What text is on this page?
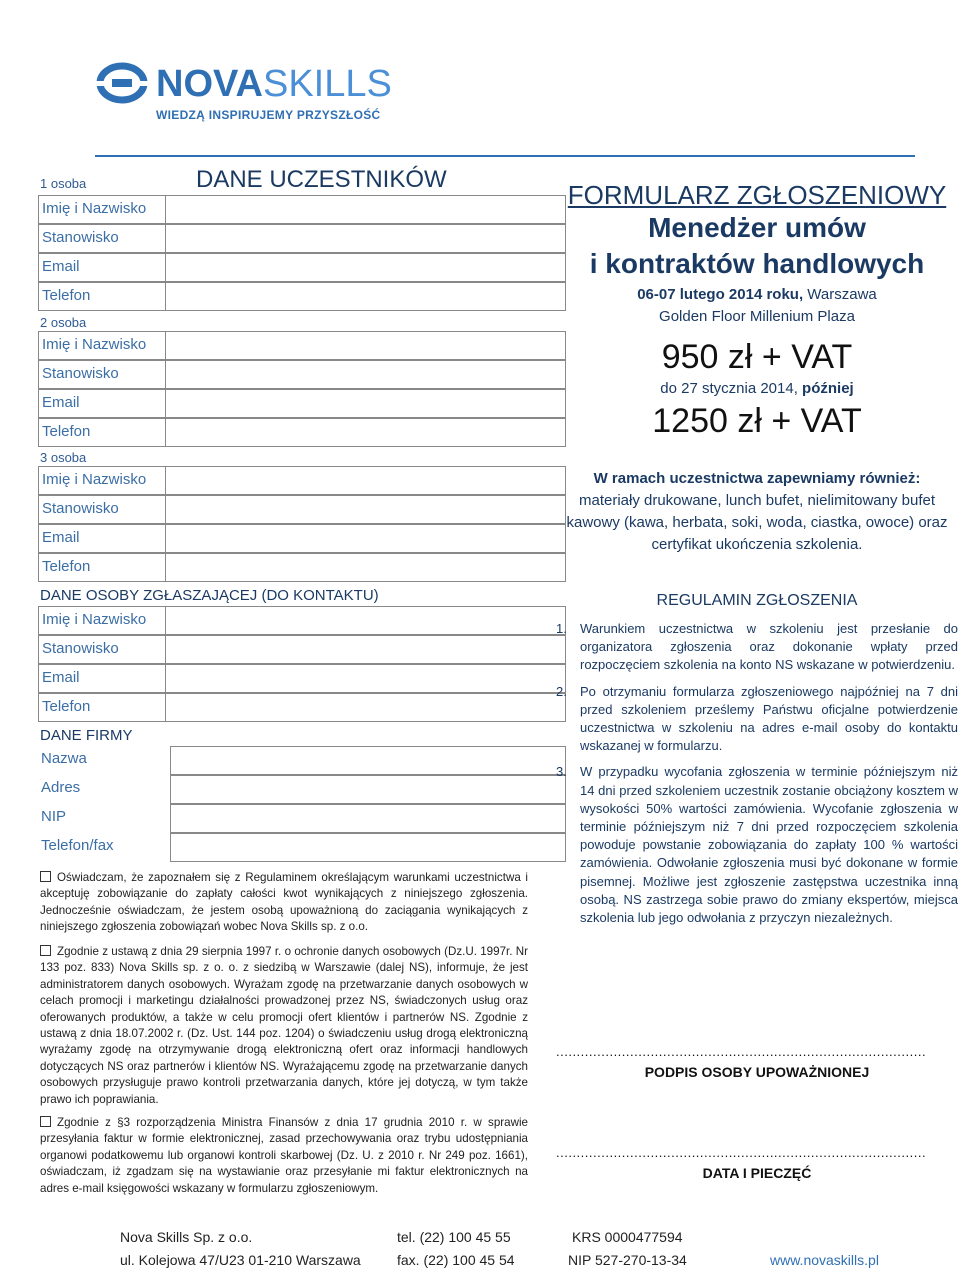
NOVASKILLS
WIEDZĄ INSPIRUJEMY PRZYSZŁOŚĆ
DANE UCZESTNIKÓW
1 osoba
Imię i Nazwisko
Stanowisko
Email
Telefon
2 osoba
Imię i Nazwisko
Stanowisko
Email
Telefon
3 osoba
Imię i Nazwisko
Stanowisko
Email
Telefon
DANE OSOBY ZGŁASZAJĄCEJ (DO KONTAKTU)
Imię i Nazwisko
Stanowisko
Email
Telefon
DANE FIRMY
Nazwa
Adres
NIP
Telefon/fax
Oświadczam, że zapoznałem się z Regulaminem określającym warunkami uczestnictwa i akceptuję zobowiązanie do zapłaty całości kwot wynikających z niniejszego zgłoszenia. Jednocześnie oświadczam, że jestem osobą upoważnioną do zaciągania wynikających z niniejszego zgłoszenia zobowiązań wobec Nova Skills sp. z o.o.
Zgodnie z ustawą z dnia 29 sierpnia 1997 r. o ochronie danych osobowych (Dz.U. 1997r. Nr 133 poz. 833) Nova Skills sp. z o. o. z siedzibą w Warszawie (dalej NS), informuje, że jest administratorem danych osobowych. Wyrażam zgodę na przetwarzanie danych osobowych w celach promocji i marketingu działalności prowadzonej przez NS, świadczonych usług oraz oferowanych produktów, a także w celu promocji ofert klientów i partnerów NS. Zgodnie z ustawą z dnia 18.07.2002 r. (Dz. Ust. 144 poz. 1204) o świadczeniu usług drogą elektroniczną wyrażamy zgodę na otrzymywanie drogą elektroniczną ofert oraz informacji handlowych dotyczących NS oraz partnerów i klientów NS. Wyrażającemu zgodę na przetwarzanie danych osobowych przysługuje prawo kontroli przetwarzania danych, które jej dotyczą, w tym także prawo ich poprawiania.
Zgodnie z §3 rozporządzenia Ministra Finansów z dnia 17 grudnia 2010 r. w sprawie przesyłania faktur w formie elektronicznej, zasad przechowywania oraz trybu udostępniania organowi podatkowemu lub organowi kontroli skarbowej (Dz. U. z 2010 r. Nr 249 poz. 1661), oświadczam, iż zgadzam się na wystawianie oraz przesyłanie mi faktur elektronicznych na adres e-mail księgowości wskazany w formularzu zgłoszeniowym.
FORMULARZ ZGŁOSZENIOWY
Menedżer umów
i kontraktów handlowych
06-07 lutego 2014 roku, Warszawa
Golden Floor Millenium Plaza
950 zł + VAT
do 27 stycznia 2014, później
1250 zł + VAT
W ramach uczestnictwa zapewniamy również:
materiały drukowane, lunch bufet, nielimitowany bufet kawowy (kawa, herbata, soki, woda, ciastka, owoce) oraz certyfikat ukończenia szkolenia.
REGULAMIN ZGŁOSZENIA
1. Warunkiem uczestnictwa w szkoleniu jest przesłanie do organizatora zgłoszenia oraz dokonanie wpłaty przed rozpoczęciem szkolenia na konto NS wskazane w potwierdzeniu.
2. Po otrzymaniu formularza zgłoszeniowego najpóźniej na 7 dni przed szkoleniem prześlemy Państwu oficjalne potwierdzenie uczestnictwa w szkoleniu na adres e-mail osoby do kontaktu wskazanej w formularzu.
3. W przypadku wycofania zgłoszenia w terminie późniejszym niż 14 dni przed szkoleniem uczestnik zostanie obciążony kosztem w wysokości 50% wartości zamówienia. Wycofanie zgłoszenia w terminie późniejszym niż 7 dni przed rozpoczęciem szkolenia powoduje powstanie zobowiązania do zapłaty 100 % wartości zamówienia. Odwołanie zgłoszenia musi być dokonane w formie pisemnej. Możliwe jest zgłoszenie zastępstwa uczestnika inną osobą. NS zastrzega sobie prawo do zmiany ekspertów, miejsca szkolenia lub jego odwołania z przyczyn niezależnych.
..........................................................................................
PODPIS OSOBY UPOWAŻNIONEJ
..........................................................................................
DATA I PIECZĘĆ
Nova Skills Sp. z o.o.
ul. Kolejowa 47/U23 01-210 Warszawa
tel. (22) 100 45 55
fax. (22) 100 45 54
KRS 0000477594
NIP 527-270-13-34	www.novaskills.pl
